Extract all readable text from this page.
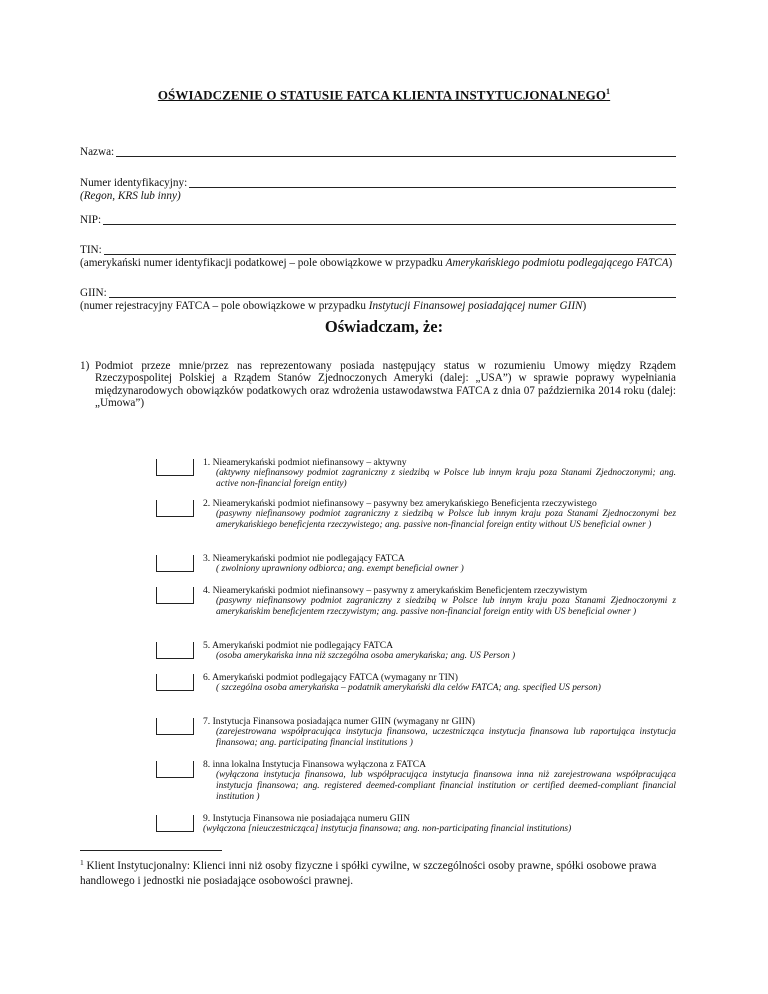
OŚWIADCZENIE O STATUSIE FATCA KLIENTA INSTYTUCJONALNEGO$^1$
Nazwa:
Numer identyfikacyjny:
(Regon, KRS lub inny)
NIP:
TIN:
(amerykański numer identyfikacji podatkowej – pole obowiązkowe w przypadku Amerykańskiego podmiotu podlegającego FATCA)
GIIN:
(numer rejestracyjny FATCA – pole obowiązkowe w przypadku Instytucji Finansowej posiadającej numer GIIN)
Oświadczam, że:
1) Podmiot przeze mnie/przez nas reprezentowany posiada następujący status w rozumieniu Umowy między Rządem Rzeczypospolitej Polskiej a Rządem Stanów Zjednoczonych Ameryki (dalej: „USA”) w sprawie poprawy wypełniania międzynarodowych obowiązków podatkowych oraz wdrożenia ustawodawstwa FATCA z dnia 07 października 2014 roku (dalej: „Umowa”)
1. Nieamerykański podmiot niefinansowy – aktywny
(aktywny niefinansowy podmiot zagraniczny z siedzibą w Polsce lub innym kraju poza Stanami Zjednoczonymi; ang. active non-financial foreign entity)
2. Nieamerykański podmiot niefinansowy – pasywny bez amerykańskiego Beneficjenta rzeczywistego
(pasywny niefinansowy podmiot zagraniczny z siedzibą w Polsce lub innym kraju poza Stanami Zjednoczonymi bez amerykańskiego beneficjenta rzeczywistego; ang. passive non-financial foreign entity without US beneficial owner )
3. Nieamerykański podmiot nie podlegający FATCA
( zwolniony uprawniony odbiorca; ang. exempt beneficial owner )
4. Nieamerykański podmiot niefinansowy – pasywny z amerykańskim Beneficjentem rzeczywistym
(pasywny niefinansowy podmiot zagraniczny z siedzibą w Polsce lub innym kraju poza Stanami Zjednoczonymi z amerykańskim beneficjentem rzeczywistym; ang. passive non-financial foreign entity with US beneficial owner )
5. Amerykański podmiot nie podlegający FATCA
(osoba amerykańska inna niż szczególna osoba amerykańska; ang. US Person )
6. Amerykański podmiot podlegający FATCA (wymagany nr TIN)
( szczególna osoba amerykańska – podatnik amerykański dla celów FATCA; ang. specified US person)
7. Instytucja Finansowa posiadająca numer GIIN (wymagany nr GIIN)
(zarejestrowana współpracująca instytucja finansowa, uczestnicząca instytucja finansowa lub raportująca instytucja finansowa; ang. participating financial institutions )
8. inna lokalna Instytucja Finansowa wyłączona z FATCA
(wyłączona instytucja finansowa, lub współpracująca instytucja finansowa inna niż zarejestrowana współpracująca instytucja finansowa; ang. registered deemed-compliant financial institution or certified deemed-compliant financial institution )
9. Instytucja Finansowa nie posiadająca numeru GIIN
(wyłączona [nieuczestnicząca] instytucja finansowa; ang. non-participating financial institutions)
$^1$ Klient Instytucjonalny: Klienci inni niż osoby fizyczne i spółki cywilne, w szczególności osoby prawne, spółki osobowe prawa handlowego i jednostki nie posiadające osobowości prawnej.
